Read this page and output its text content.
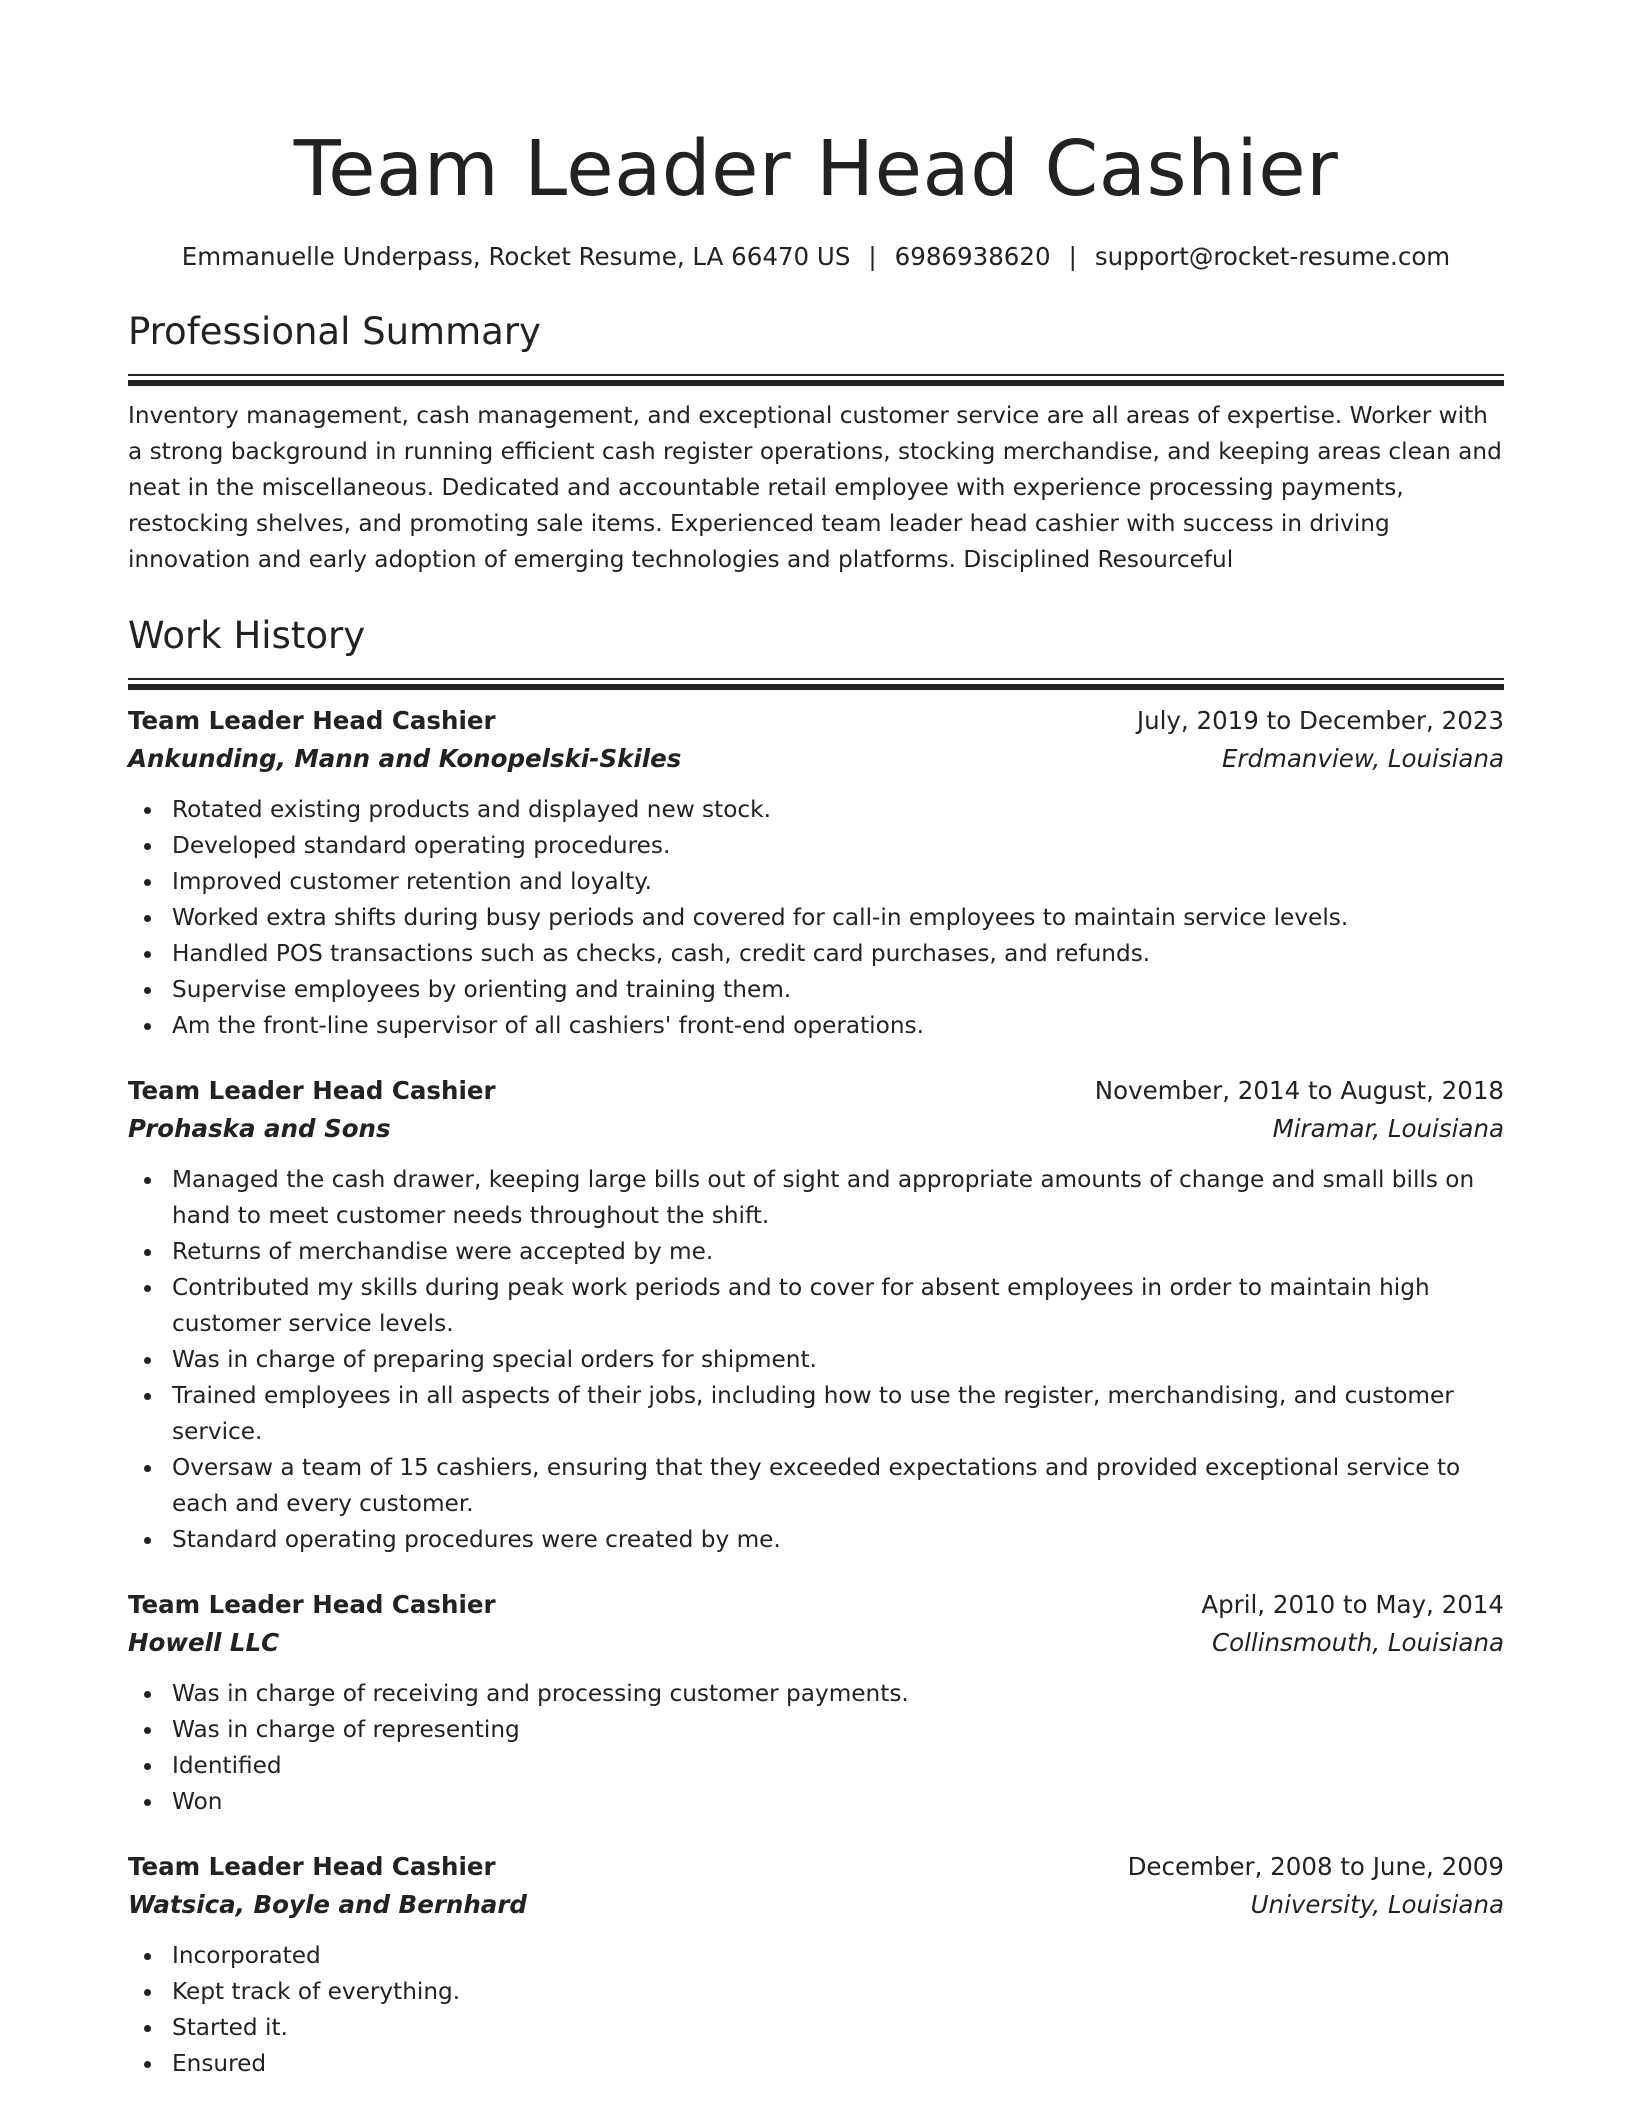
Team Leader Head Cashier
Emmanuelle Underpass, Rocket Resume, LA 66470 US | 6986938620 | support@rocket-resume.com
Professional Summary
Inventory management, cash management, and exceptional customer service are all areas of expertise. Worker with a strong background in running efficient cash register operations, stocking merchandise, and keeping areas clean and neat in the miscellaneous. Dedicated and accountable retail employee with experience processing payments, restocking shelves, and promoting sale items. Experienced team leader head cashier with success in driving innovation and early adoption of emerging technologies and platforms. Disciplined Resourceful
Work History
Team Leader Head Cashier	July, 2019 to December, 2023
Ankunding, Mann and Konopelski-Skiles	Erdmanview, Louisiana
Rotated existing products and displayed new stock.
Developed standard operating procedures.
Improved customer retention and loyalty.
Worked extra shifts during busy periods and covered for call-in employees to maintain service levels.
Handled POS transactions such as checks, cash, credit card purchases, and refunds.
Supervise employees by orienting and training them.
Am the front-line supervisor of all cashiers' front-end operations.
Team Leader Head Cashier	November, 2014 to August, 2018
Prohaska and Sons	Miramar, Louisiana
Managed the cash drawer, keeping large bills out of sight and appropriate amounts of change and small bills on hand to meet customer needs throughout the shift.
Returns of merchandise were accepted by me.
Contributed my skills during peak work periods and to cover for absent employees in order to maintain high customer service levels.
Was in charge of preparing special orders for shipment.
Trained employees in all aspects of their jobs, including how to use the register, merchandising, and customer service.
Oversaw a team of 15 cashiers, ensuring that they exceeded expectations and provided exceptional service to each and every customer.
Standard operating procedures were created by me.
Team Leader Head Cashier	April, 2010 to May, 2014
Howell LLC	Collinsmouth, Louisiana
Was in charge of receiving and processing customer payments.
Was in charge of representing
Identified
Won
Team Leader Head Cashier	December, 2008 to June, 2009
Watsica, Boyle and Bernhard	University, Louisiana
Incorporated
Kept track of everything.
Started it.
Ensured
